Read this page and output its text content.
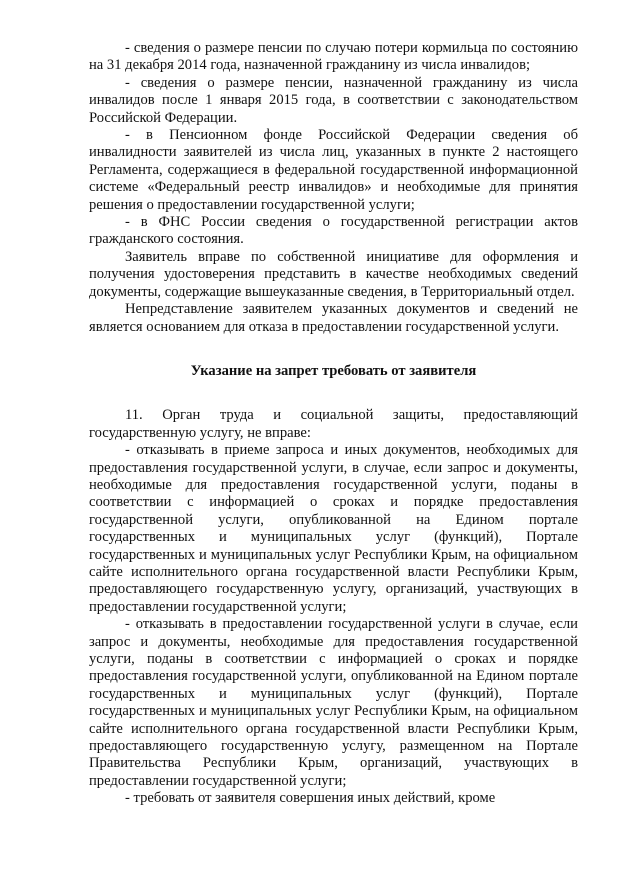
- сведения о размере пенсии по случаю потери кормильца по состоянию на 31 декабря 2014 года, назначенной гражданину из числа инвалидов;

- сведения о размере пенсии, назначенной гражданину из числа инвалидов после 1 января 2015 года, в соответствии с законодательством Российской Федерации.

- в Пенсионном фонде Российской Федерации сведения об инвалидности заявителей из числа лиц, указанных в пункте 2 настоящего Регламента, содержащиеся в федеральной государственной информационной системе «Федеральный реестр инвалидов» и необходимые для принятия решения о предоставлении государственной услуги;

- в ФНС России сведения о государственной регистрации актов гражданского состояния.

Заявитель вправе по собственной инициативе для оформления и получения удостоверения представить в качестве необходимых сведений документы, содержащие вышеуказанные сведения, в Территориальный отдел.

Непредставление заявителем указанных документов и сведений не является основанием для отказа в предоставлении государственной услуги.

Указание на запрет требовать от заявителя

11. Орган труда и социальной защиты, предоставляющий государственную услугу, не вправе:

- отказывать в приеме запроса и иных документов, необходимых для предоставления государственной услуги, в случае, если запрос и документы, необходимые для предоставления государственной услуги, поданы в соответствии с информацией о сроках и порядке предоставления государственной услуги, опубликованной на Едином портале государственных и муниципальных услуг (функций), Портале государственных и муниципальных услуг Республики Крым, на официальном сайте исполнительного органа государственной власти Республики Крым, предоставляющего государственную услугу, организаций, участвующих в предоставлении государственной услуги;

- отказывать в предоставлении государственной услуги в случае, если запрос и документы, необходимые для предоставления государственной услуги, поданы в соответствии с информацией о сроках и порядке предоставления государственной услуги, опубликованной на Едином портале государственных и муниципальных услуг (функций), Портале государственных и муниципальных услуг Республики Крым, на официальном сайте исполнительного органа государственной власти Республики Крым, предоставляющего государственную услугу, размещенном на Портале Правительства Республики Крым, организаций, участвующих в предоставлении государственной услуги;

- требовать от заявителя совершения иных действий, кроме
